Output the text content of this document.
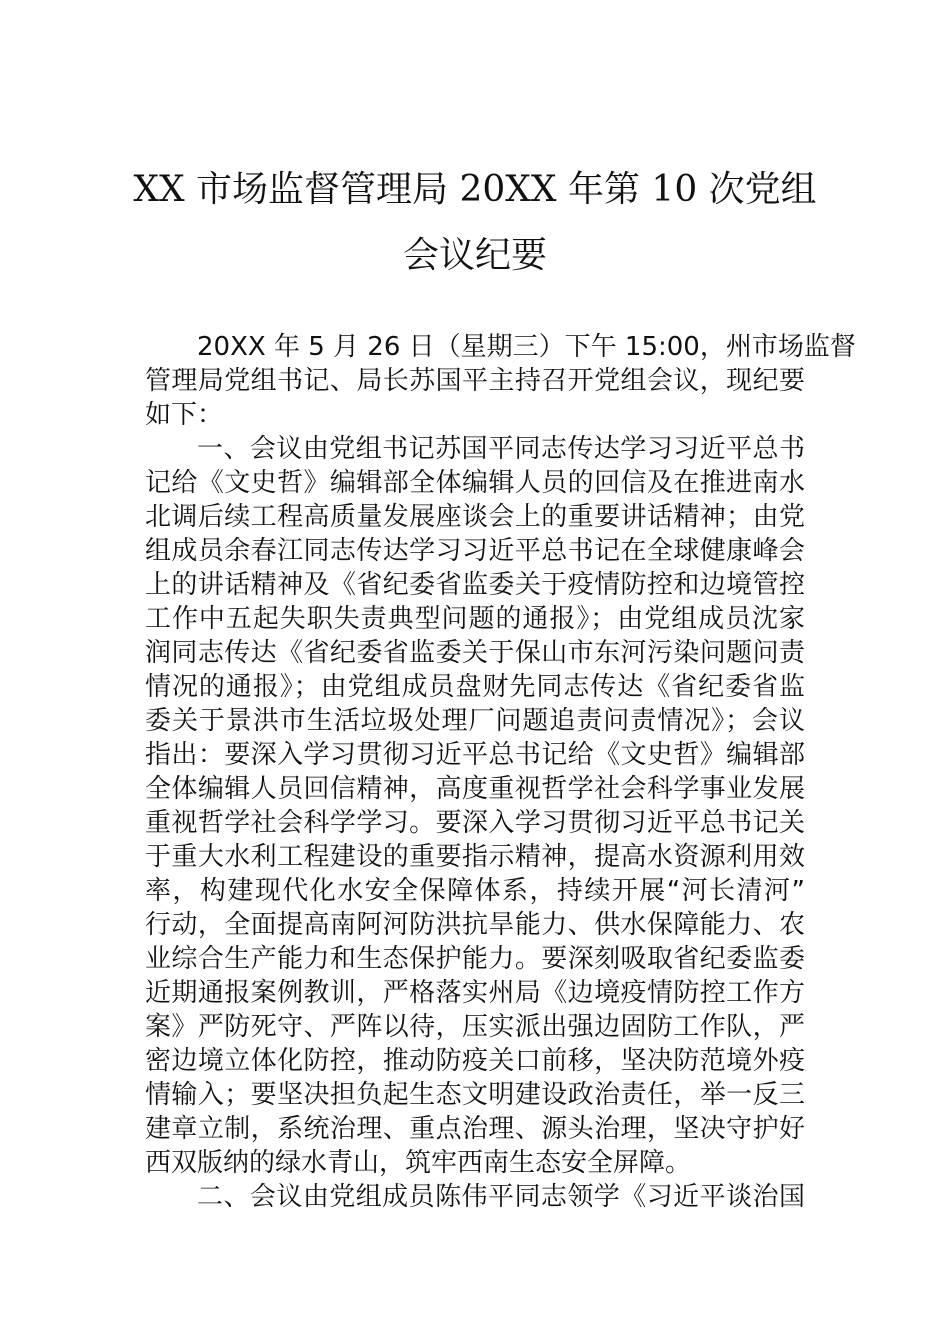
XX 市场监督管理局 20XX 年第 10 次党组
会议纪要
20XX 年 5 月 26 日（星期三）下午 15:00，州市场监督
管理局党组书记、局长苏国平主持召开党组会议，现纪要
如下：
一、会议由党组书记苏国平同志传达学习习近平总书
记给《文史哲》编辑部全体编辑人员的回信及在推进南水
北调后续工程高质量发展座谈会上的重要讲话精神；由党
组成员余春江同志传达学习习近平总书记在全球健康峰会
上的讲话精神及《省纪委省监委关于疫情防控和边境管控
工作中五起失职失责典型问题的通报》；由党组成员沈家
润同志传达《省纪委省监委关于保山市东河污染问题问责
情况的通报》；由党组成员盘财先同志传达《省纪委省监
委关于景洪市生活垃圾处理厂问题追责问责情况》；会议
指出：要深入学习贯彻习近平总书记给《文史哲》编辑部
全体编辑人员回信精神，高度重视哲学社会科学事业发展
重视哲学社会科学学习。要深入学习贯彻习近平总书记关
于重大水利工程建设的重要指示精神，提高水资源利用效
率，构建现代化水安全保障体系，持续开展“河长清河”
行动，全面提高南阿河防洪抗旱能力、供水保障能力、农
业综合生产能力和生态保护能力。要深刻吸取省纪委监委
近期通报案例教训，严格落实州局《边境疫情防控工作方
案》严防死守、严阵以待，压实派出强边固防工作队，严
密边境立体化防控，推动防疫关口前移，坚决防范境外疫
情输入；要坚决担负起生态文明建设政治责任，举一反三
建章立制，系统治理、重点治理、源头治理，坚决守护好
西双版纳的绿水青山，筑牢西南生态安全屏障。
二、会议由党组成员陈伟平同志领学《习近平谈治国
